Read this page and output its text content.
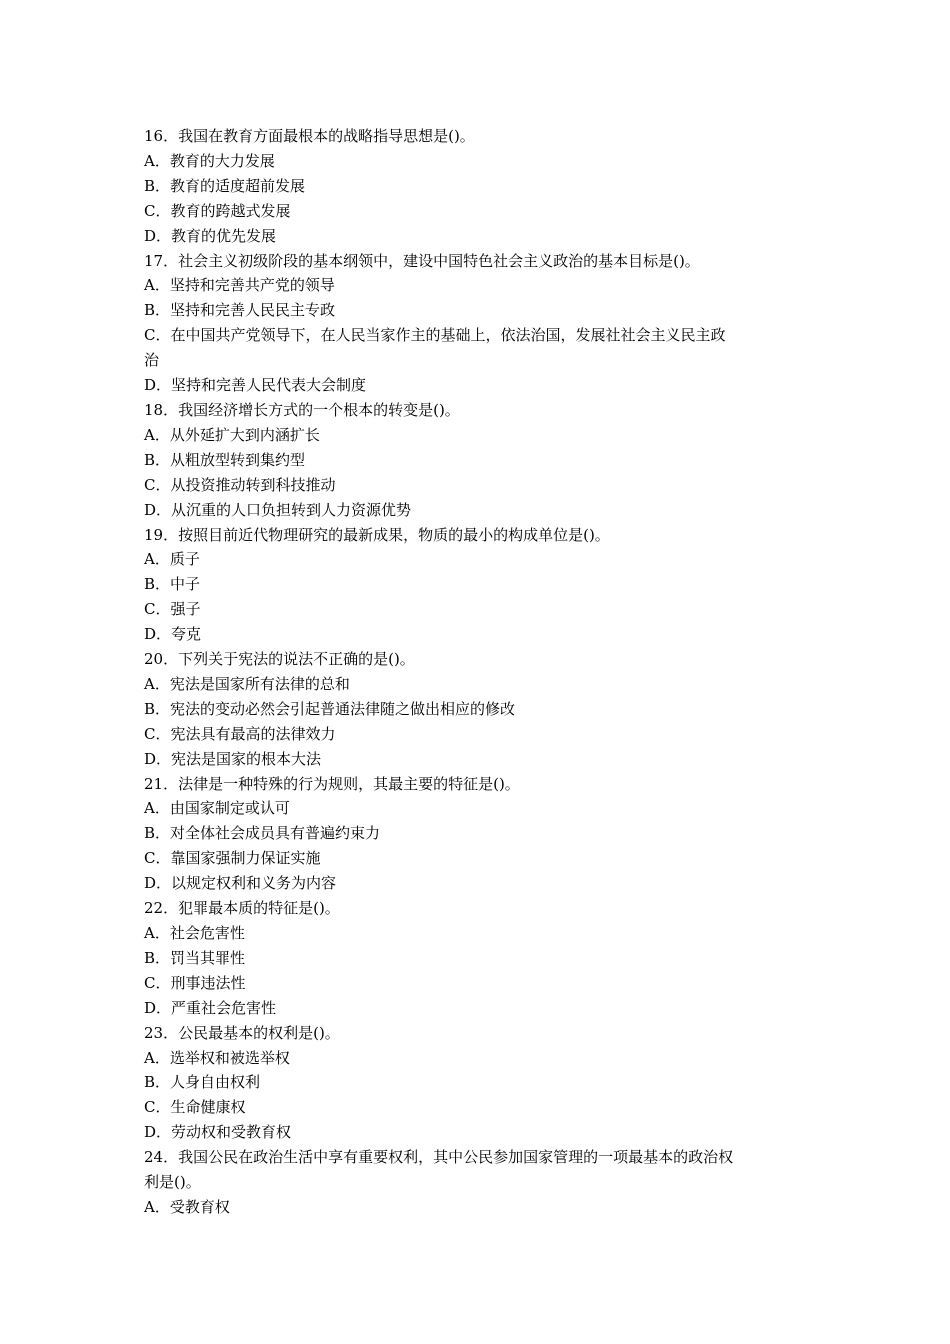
16．我国在教育方面最根本的战略指导思想是()。

A．教育的大力发展

B．教育的适度超前发展

C．教育的跨越式发展

D．教育的优先发展

17．社会主义初级阶段的基本纲领中，建设中国特色社会主义政治的基本目标是()。

A．坚持和完善共产党的领导

B．坚持和完善人民民主专政

C．在中国共产党领导下，在人民当家作主的基础上，依法治国，发展社社会主义民主政

治

D．坚持和完善人民代表大会制度

18．我国经济增长方式的一个根本的转变是()。

A．从外延扩大到内涵扩长

B．从粗放型转到集约型

C．从投资推动转到科技推动

D．从沉重的人口负担转到人力资源优势

19．按照目前近代物理研究的最新成果，物质的最小的构成单位是()。

A．质子

B．中子

C．强子

D．夸克

20．下列关于宪法的说法不正确的是()。

A．宪法是国家所有法律的总和

B．宪法的变动必然会引起普通法律随之做出相应的修改

C．宪法具有最高的法律效力

D．宪法是国家的根本大法

21．法律是一种特殊的行为规则，其最主要的特征是()。

A．由国家制定或认可

B．对全体社会成员具有普遍约束力

C．靠国家强制力保证实施

D．以规定权利和义务为内容

22．犯罪最本质的特征是()。

A．社会危害性

B．罚当其罪性

C．刑事违法性

D．严重社会危害性

23．公民最基本的权利是()。

A．选举权和被选举权

B．人身自由权利

C．生命健康权

D．劳动权和受教育权

24．我国公民在政治生活中享有重要权利，其中公民参加国家管理的一项最基本的政治权

利是()。

A．受教育权
